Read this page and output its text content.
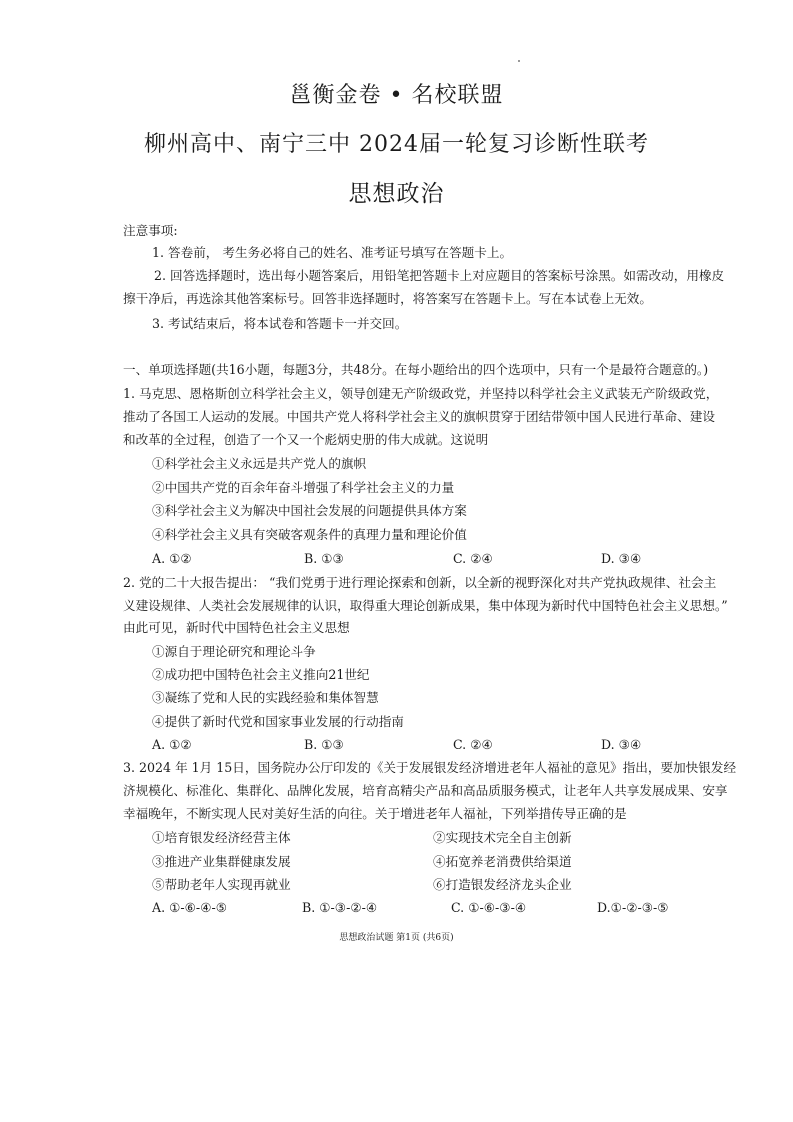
邕衡金卷 • 名校联盟
柳州高中、南宁三中 2024届一轮复习诊断性联考
思想政治
注意事项:
1. 答卷前， 考生务必将自己的姓名、准考证号填写在答题卡上。
2. 回答选择题时，选出每小题答案后，用铅笔把答题卡上对应题目的答案标号涂黑。如需改动，用橡皮
擦干净后，再选涂其他答案标号。回答非选择题时，将答案写在答题卡上。写在本试卷上无效。
3. 考试结束后，将本试卷和答题卡一并交回。
一、单项选择题(共16小题，每题3分，共48分。在每小题给出的四个选项中，只有一个是最符合题意的。)
1. 马克思、恩格斯创立科学社会主义，领导创建无产阶级政党，并坚持以科学社会主义武装无产阶级政党，
推动了各国工人运动的发展。中国共产党人将科学社会主义的旗帜贯穿于团结带领中国人民进行革命、建设
和改革的全过程，创造了一个又一个彪炳史册的伟大成就。这说明
①科学社会主义永远是共产党人的旗帜
②中国共产党的百余年奋斗增强了科学社会主义的力量
③科学社会主义为解决中国社会发展的问题提供具体方案
④科学社会主义具有突破客观条件的真理力量和理论价值
A. ①②	B. ①③	C. ②④	D. ③④
2. 党的二十大报告提出： “我们党勇于进行理论探索和创新，以全新的视野深化对共产党执政规律、社会主
义建设规律、人类社会发展规律的认识，取得重大理论创新成果，集中体现为新时代中国特色社会主义思想。”
由此可见，新时代中国特色社会主义思想
①源自于理论研究和理论斗争
②成功把中国特色社会主义推向21世纪
③凝练了党和人民的实践经验和集体智慧
④提供了新时代党和国家事业发展的行动指南
A. ①②	B. ①③	C. ②④	D. ③④
3. 2024 年 1月 15日，国务院办公厅印发的《关于发展银发经济增进老年人福祉的意见》指出，要加快银发经
济规模化、标准化、集群化、品牌化发展，培育高精尖产品和高品质服务模式，让老年人共享发展成果、安享
幸福晚年，不断实现人民对美好生活的向往。关于增进老年人福祉，下列举措传导正确的是
①培育银发经济经营主体	②实现技术完全自主创新
③推进产业集群健康发展	④拓宽养老消费供给渠道
⑤帮助老年人实现再就业	⑥打造银发经济龙头企业
A. ①-⑥-④-⑤	B. ①-③-②-④	C. ①-⑥-③-④	D.①-②-③-⑤
思想政治试题 第1页 (共6页)
